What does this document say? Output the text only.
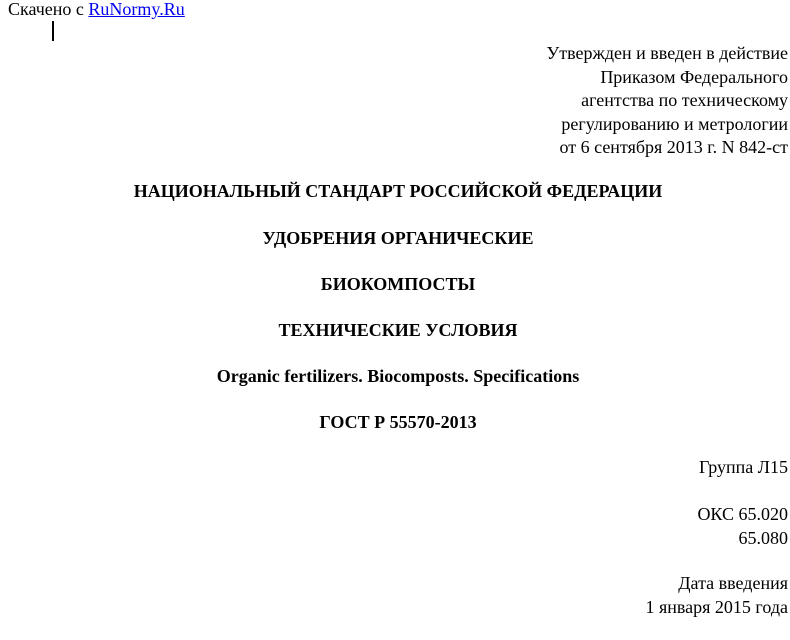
Скачено с RuNormy.Ru
Утвержден и введен в действие
Приказом Федерального
агентства по техническому
регулированию и метрологии
от 6 сентября 2013 г. N 842-ст
НАЦИОНАЛЬНЫЙ СТАНДАРТ РОССИЙСКОЙ ФЕДЕРАЦИИ
УДОБРЕНИЯ ОРГАНИЧЕСКИЕ
БИОКОМПОСТЫ
ТЕХНИЧЕСКИЕ УСЛОВИЯ
Organic fertilizers. Biocomposts. Specifications
ГОСТ Р 55570-2013
Группа Л15
ОКС 65.020
65.080
Дата введения
1 января 2015 года
